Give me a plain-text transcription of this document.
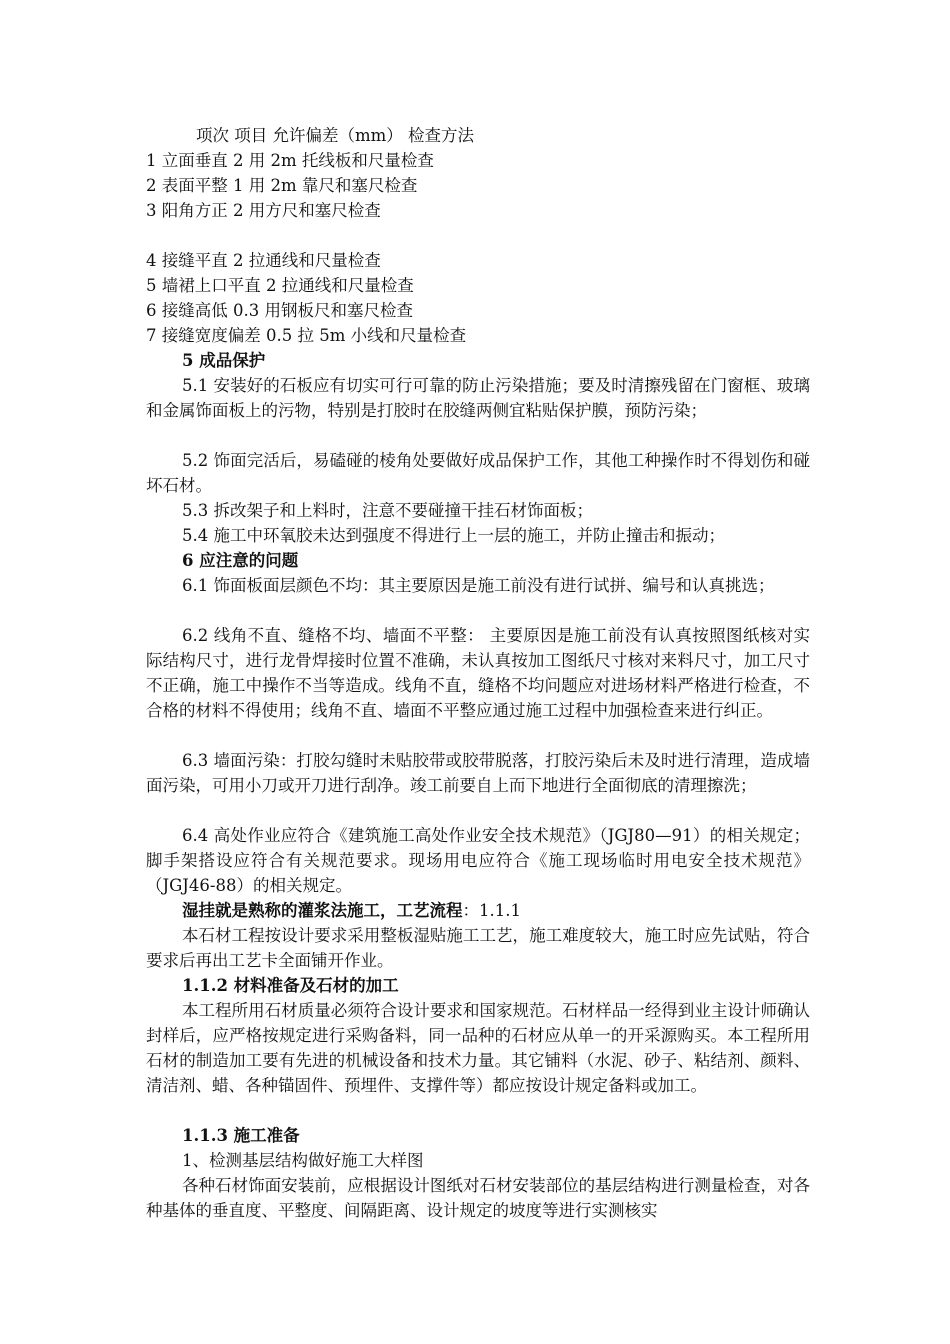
项次 项目 允许偏差（mm） 检查方法
1 立面垂直 2 用 2m 托线板和尺量检查
2 表面平整 1 用 2m 靠尺和塞尺检查
3 阳角方正 2 用方尺和塞尺检查
4 接缝平直 2 拉通线和尺量检查
5 墙裙上口平直 2 拉通线和尺量检查
6 接缝高低 0.3 用钢板尺和塞尺检查
7 接缝宽度偏差 0.5 拉 5m 小线和尺量检查
5 成品保护
5.1 安装好的石板应有切实可行可靠的防止污染措施；要及时清擦残留在门窗框、玻璃和金属饰面板上的污物，特别是打胶时在胶缝两侧宜粘贴保护膜，预防污染；
5.2 饰面完活后，易磕碰的棱角处要做好成品保护工作，其他工种操作时不得划伤和碰坏石材。
5.3 拆改架子和上料时，注意不要碰撞干挂石材饰面板；
5.4 施工中环氧胶未达到强度不得进行上一层的施工，并防止撞击和振动；
6 应注意的问题
6.1 饰面板面层颜色不均：其主要原因是施工前没有进行试拼、编号和认真挑选；
6.2 线角不直、缝格不均、墙面不平整： 主要原因是施工前没有认真按照图纸核对实际结构尺寸，进行龙骨焊接时位置不准确，未认真按加工图纸尺寸核对来料尺寸，加工尺寸不正确，施工中操作不当等造成。线角不直，缝格不均问题应对进场材料严格进行检查，不合格的材料不得使用；线角不直、墙面不平整应通过施工过程中加强检查来进行纠正。
6.3 墙面污染：打胶勾缝时未贴胶带或胶带脱落，打胶污染后未及时进行清理，造成墙面污染，可用小刀或开刀进行刮净。竣工前要自上而下地进行全面彻底的清理擦洗；
6.4 高处作业应符合《建筑施工高处作业安全技术规范》（JGJ80—91）的相关规定；脚手架搭设应符合有关规范要求。现场用电应符合《施工现场临时用电安全技术规范》（JGJ46-88）的相关规定。
湿挂就是熟称的灌浆法施工，工艺流程：1.1.1
本石材工程按设计要求采用整板湿贴施工工艺，施工难度较大，施工时应先试贴，符合要求后再出工艺卡全面铺开作业。
1.1.2 材料准备及石材的加工
本工程所用石材质量必须符合设计要求和国家规范。石材样品一经得到业主设计师确认封样后，应严格按规定进行采购备料，同一品种的石材应从单一的开采源购买。本工程所用石材的制造加工要有先进的机械设备和技术力量。其它铺料（水泥、砂子、粘结剂、颜料、清洁剂、蜡、各种锚固件、预埋件、支撑件等）都应按设计规定备料或加工。
1.1.3 施工准备
1、检测基层结构做好施工大样图
各种石材饰面安装前，应根据设计图纸对石材安装部位的基层结构进行测量检查，对各种基体的垂直度、平整度、间隔距离、设计规定的坡度等进行实测核实
